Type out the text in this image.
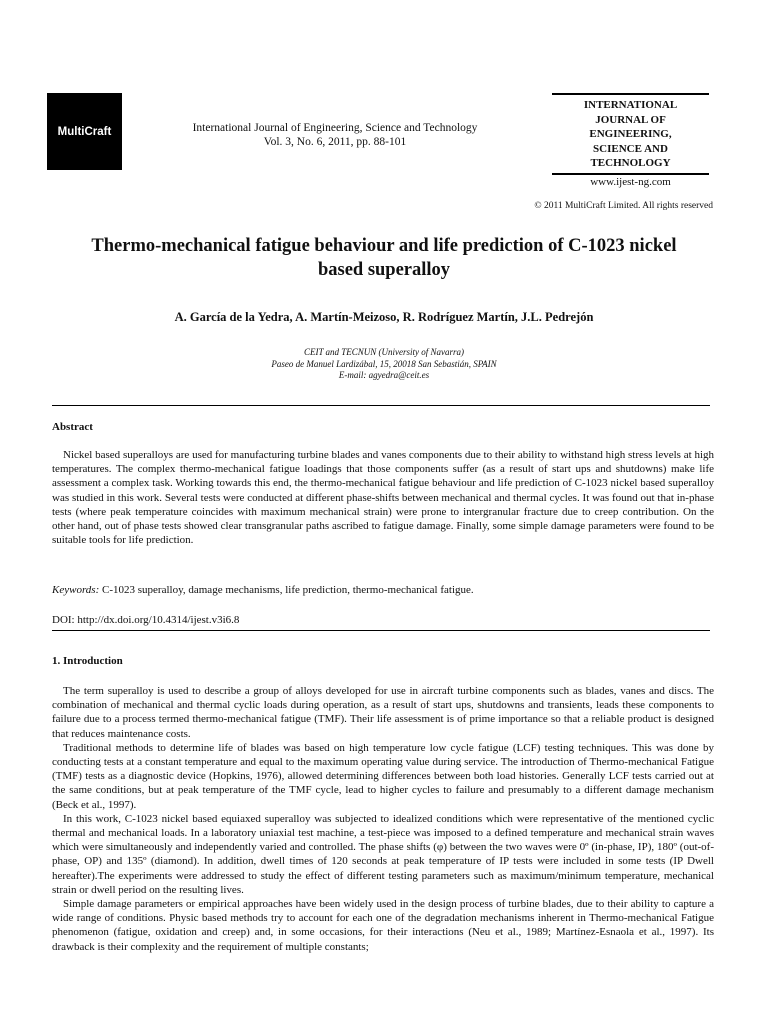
MultiCraft	International Journal of Engineering, Science and Technology
Vol. 3, No. 6, 2011, pp. 88-101
INTERNATIONAL
JOURNAL OF
ENGINEERING,
SCIENCE AND
TECHNOLOGY
www.ijest-ng.com
© 2011 MultiCraft Limited. All rights reserved
Thermo-mechanical fatigue behaviour and life prediction of C-1023 nickel
based superalloy
A. García de la Yedra, A. Martín-Meizoso, R. Rodríguez Martín, J.L. Pedrejón
CEIT and TECNUN (University of Navarra)
Paseo de Manuel Lardizábal, 15, 20018 San Sebastián, SPAIN
E-mail: agyedra@ceit.es
Abstract

Nickel based superalloys are used for manufacturing turbine blades and vanes components due to their ability to withstand high stress levels at high temperatures. The complex thermo-mechanical fatigue loadings that those components suffer (as a result of start ups and shutdowns) make life assessment a complex task. Working towards this end, the thermo-mechanical fatigue behaviour and life prediction of C-1023 nickel based superalloy was studied in this work. Several tests were conducted at different phase-shifts between mechanical and thermal cycles. It was found out that in-phase tests (where peak temperature coincides with maximum mechanical strain) were prone to intergranular fracture due to creep contribution. On the other hand, out of phase tests showed clear transgranular paths ascribed to fatigue damage. Finally, some simple damage parameters were found to be suitable tools for life prediction.

Keywords: C-1023 superalloy, damage mechanisms, life prediction, thermo-mechanical fatigue.
DOI: http://dx.doi.org/10.4314/ijest.v3i6.8
1. Introduction

The term superalloy is used to describe a group of alloys developed for use in aircraft turbine components such as blades, vanes and discs. The combination of mechanical and thermal cyclic loads during operation, as a result of start ups, shutdowns and transients, leads these components to failure due to a process termed thermo-mechanical fatigue (TMF). Their life assessment is of prime importance so that a reliable product is designed that reduces maintenance costs.

Traditional methods to determine life of blades was based on high temperature low cycle fatigue (LCF) testing techniques. This was done by conducting tests at a constant temperature and equal to the maximum operating value during service. The introduction of Thermo-mechanical Fatigue (TMF) tests as a diagnostic device (Hopkins, 1976), allowed determining differences between both load histories. Generally LCF tests carried out at the same conditions, but at peak temperature of the TMF cycle, lead to higher cycles to failure and presumably to a different damage mechanism (Beck et al., 1997).

In this work, C-1023 nickel based equiaxed superalloy was subjected to idealized conditions which were representative of the mentioned cyclic thermal and mechanical loads. In a laboratory uniaxial test machine, a test-piece was imposed to a defined temperature and mechanical strain waves which were simultaneously and independently varied and controlled. The phase shifts (φ) between the two waves were 0º (in-phase, IP), 180º (out-of-phase, OP) and 135º (diamond). In addition, dwell times of 120 seconds at peak temperature of IP tests were included in some tests (IP Dwell hereafter).The experiments were addressed to study the effect of different testing parameters such as maximum/minimum temperature, mechanical strain or dwell period on the resulting lives.

Simple damage parameters or empirical approaches have been widely used in the design process of turbine blades, due to their ability to capture a wide range of conditions. Physic based methods try to account for each one of the degradation mechanisms inherent in Thermo-mechanical Fatigue phenomenon (fatigue, oxidation and creep) and, in some occasions, for their interactions (Neu et al., 1989; Martínez-Esnaola et al., 1997). Its drawback is their complexity and the requirement of multiple constants;
